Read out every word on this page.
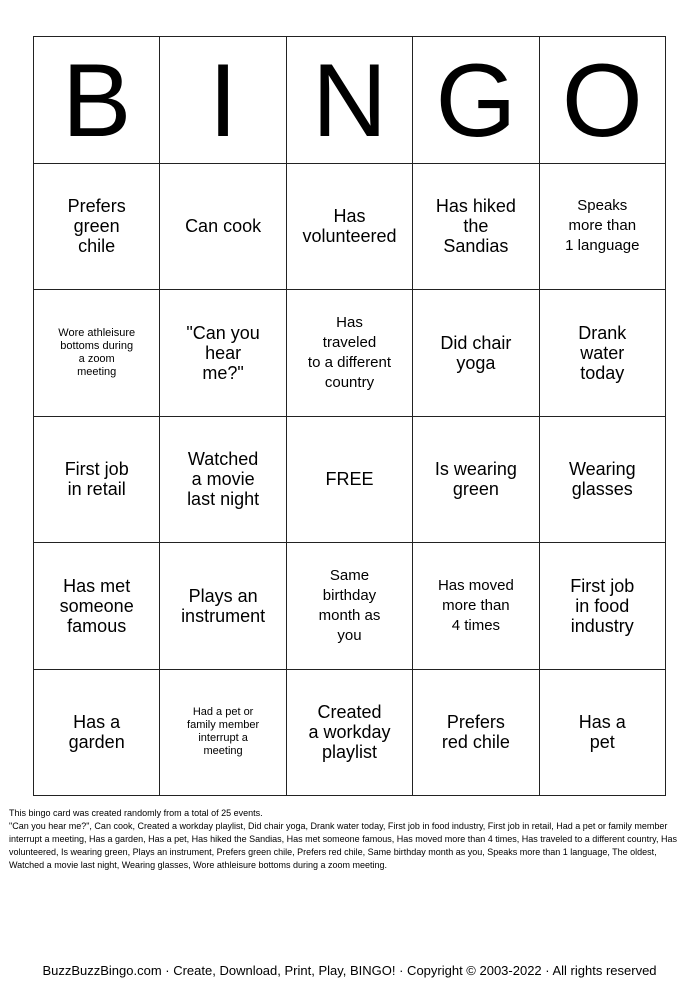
B I N G O
Prefers
green
chile
Can cook	Has
volunteered
Has hiked
the
Sandias
Speaks
more than
1 language
Wore athleisure
bottoms during
a zoom
meeting
"Can you
hear
me?"
Has
traveled
to a different
country
Did chair
yoga
Drank
water
today
First job
in retail
Watched
a movie
last night
FREE	Is wearing
green
Wearing
glasses
Has met
someone
famous
Plays an
instrument
Same
birthday
month as
you
Has moved
more than
4 times
First job
in food
industry
Has a
garden
Had a pet or
family member
interrupt a
meeting
Created
a workday
playlist
Prefers
red chile
Has a
pet

This bingo card was created randomly from a total of 25 events.

"Can you hear me?", Can cook, Created a workday playlist, Did chair yoga, Drank water today, First job in food industry, First job in retail, Had a pet or family member interrupt a meeting, Has a garden, Has a pet, Has hiked the Sandias, Has met someone famous, Has moved more than 4 times, Has traveled to a different country, Has volunteered, Is wearing green, Plays an instrument, Prefers green chile, Prefers red chile, Same birthday month as you, Speaks more than 1 language, The oldest, Watched a movie last night, Wearing glasses, Wore athleisure bottoms during a zoom meeting.

BuzzBuzzBingo.com · Create, Download, Print, Play, BINGO! · Copyright © 2003-2022 · All rights reserved
